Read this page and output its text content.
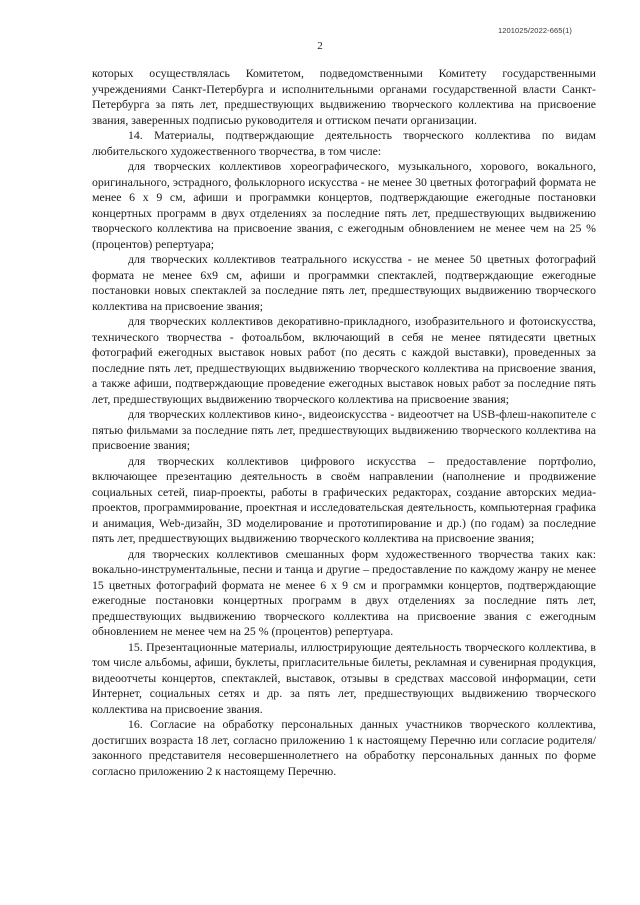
1201025/2022-665(1)
2

которых осуществлялась Комитетом, подведомственными Комитету государственными учреждениями Санкт-Петербурга и исполнительными органами государственной власти Санкт-Петербурга за пять лет, предшествующих выдвижению творческого коллектива на присвоение звания, заверенных подписью руководителя и оттиском печати организации.

14. Материалы, подтверждающие деятельность творческого коллектива по видам любительского художественного творчества, в том числе:

для творческих коллективов хореографического, музыкального, хорового, вокального, оригинального, эстрадного, фольклорного искусства - не менее 30 цветных фотографий формата не менее 6 х 9 см, афиши и программки концертов, подтверждающие ежегодные постановки концертных программ в двух отделениях за последние пять лет, предшествующих выдвижению творческого коллектива на присвоение звания, с ежегодным обновлением не менее чем на 25 % (процентов) репертуара;

для творческих коллективов театрального искусства - не менее 50 цветных фотографий формата не менее 6х9 см, афиши и программки спектаклей, подтверждающие ежегодные постановки новых спектаклей за последние пять лет, предшествующих выдвижению творческого коллектива на присвоение звания;

для творческих коллективов декоративно-прикладного, изобразительного и фотоискусства, технического творчества - фотоальбом, включающий в себя не менее пятидесяти цветных фотографий ежегодных выставок новых работ (по десять с каждой выставки), проведенных за последние пять лет, предшествующих выдвижению творческого коллектива на присвоение звания, а также афиши, подтверждающие проведение ежегодных выставок новых работ за последние пять лет, предшествующих выдвижению творческого коллектива на присвоение звания;

для творческих коллективов кино-, видеоискусства - видеоотчет на USB-флеш-накопителе с пятью фильмами за последние пять лет, предшествующих выдвижению творческого коллектива на присвоение звания;

для творческих коллективов цифрового искусства – предоставление портфолио, включающее презентацию деятельность в своём направлении (наполнение и продвижение социальных сетей, пиар-проекты, работы в графических редакторах, создание авторских медиа-проектов, программирование, проектная и исследовательская деятельность, компьютерная графика и анимация, Web-дизайн, 3D моделирование и прототипирование и др.) (по годам) за последние пять лет, предшествующих выдвижению творческого коллектива на присвоение звания;

для творческих коллективов смешанных форм художественного творчества таких как: вокально-инструментальные, песни и танца и другие – предоставление по каждому жанру не менее 15 цветных фотографий формата не менее 6 х 9 см и программки концертов, подтверждающие ежегодные постановки концертных программ в двух отделениях за последние пять лет, предшествующих выдвижению творческого коллектива на присвоение звания с ежегодным обновлением не менее чем на 25 % (процентов) репертуара.

15. Презентационные материалы, иллюстрирующие деятельность творческого коллектива, в том числе альбомы, афиши, буклеты, пригласительные билеты, рекламная и сувенирная продукция, видеоотчеты концертов, спектаклей, выставок, отзывы в средствах массовой информации, сети Интернет, социальных сетях и др. за пять лет, предшествующих выдвижению творческого коллектива на присвоение звания.

16. Согласие на обработку персональных данных участников творческого коллектива, достигших возраста 18 лет, согласно приложению 1 к настоящему Перечню или согласие родителя/законного представителя несовершеннолетнего на обработку персональных данных по форме согласно приложению 2 к настоящему Перечню.
